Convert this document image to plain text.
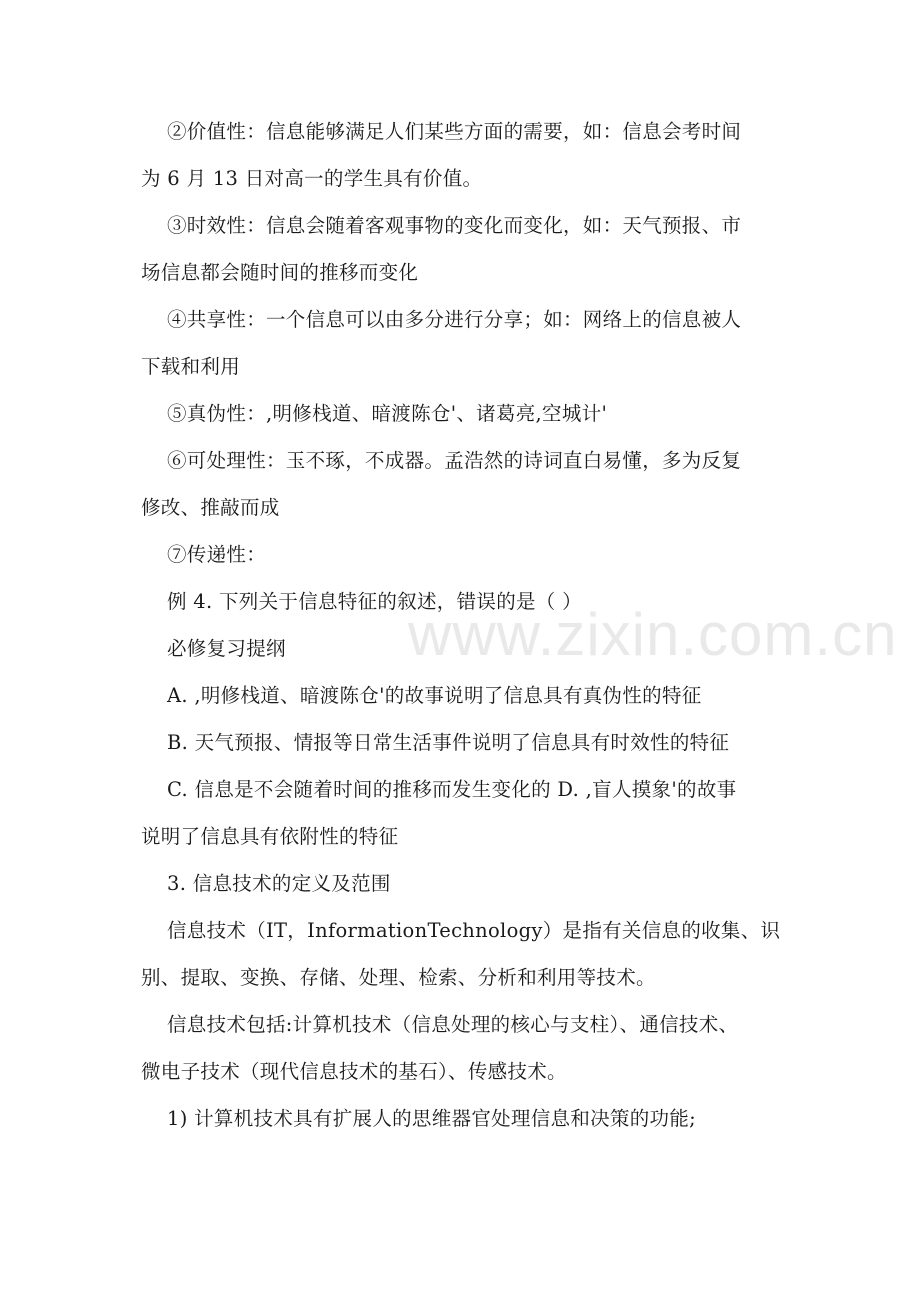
www.zixin.com.cn
②价值性：信息能够满足人们某些方面的需要，如：信息会考时间
为 6 月 13 日对高一的学生具有价值。
③时效性：信息会随着客观事物的变化而变化，如：天气预报、市
场信息都会随时间的推移而变化
④共享性：一个信息可以由多分进行分享；如：网络上的信息被人
下载和利用
⑤真伪性：,明修栈道、暗渡陈仓'、诸葛亮,空城计'
⑥可处理性：玉不琢，不成器。孟浩然的诗词直白易懂，多为反复
修改、推敲而成
⑦传递性：
例 4. 下列关于信息特征的叙述，错误的是（ ）
必修复习提纲
A. ,明修栈道、暗渡陈仓'的故事说明了信息具有真伪性的特征
B. 天气预报、情报等日常生活事件说明了信息具有时效性的特征
C. 信息是不会随着时间的推移而发生变化的 D. ,盲人摸象'的故事
说明了信息具有依附性的特征
3. 信息技术的定义及范围
信息技术（IT，InformationTechnology）是指有关信息的收集、识
别、提取、变换、存储、处理、检索、分析和利用等技术。
信息技术包括:计算机技术（信息处理的核心与支柱）、通信技术、
微电子技术（现代信息技术的基石）、传感技术。
1) 计算机技术具有扩展人的思维器官处理信息和决策的功能;
